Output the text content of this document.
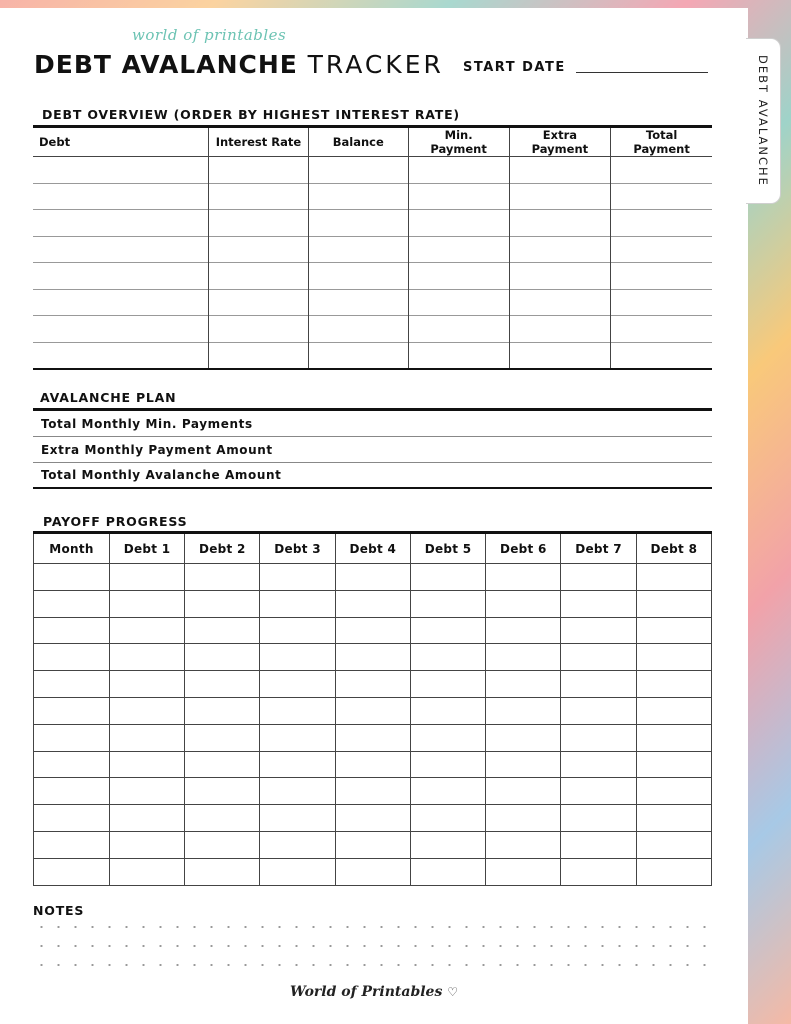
DEBT AVALANCHE
world of printables
DEBT AVALANCHE TRACKER START DATE
DEBT OVERVIEW (ORDER BY HIGHEST INTEREST RATE)
Debt	Interest Rate	Balance	Min. Payment	Extra Payment	Total Payment

AVALANCHE PLAN
Total Monthly Min. Payments
Extra Monthly Payment Amount
Total Monthly Avalanche Amount
PAYOFF PROGRESS
Month	Debt 1	Debt 2	Debt 3	Debt 4	Debt 5	Debt 6	Debt 7	Debt 8

NOTES
World of Printables ♡
